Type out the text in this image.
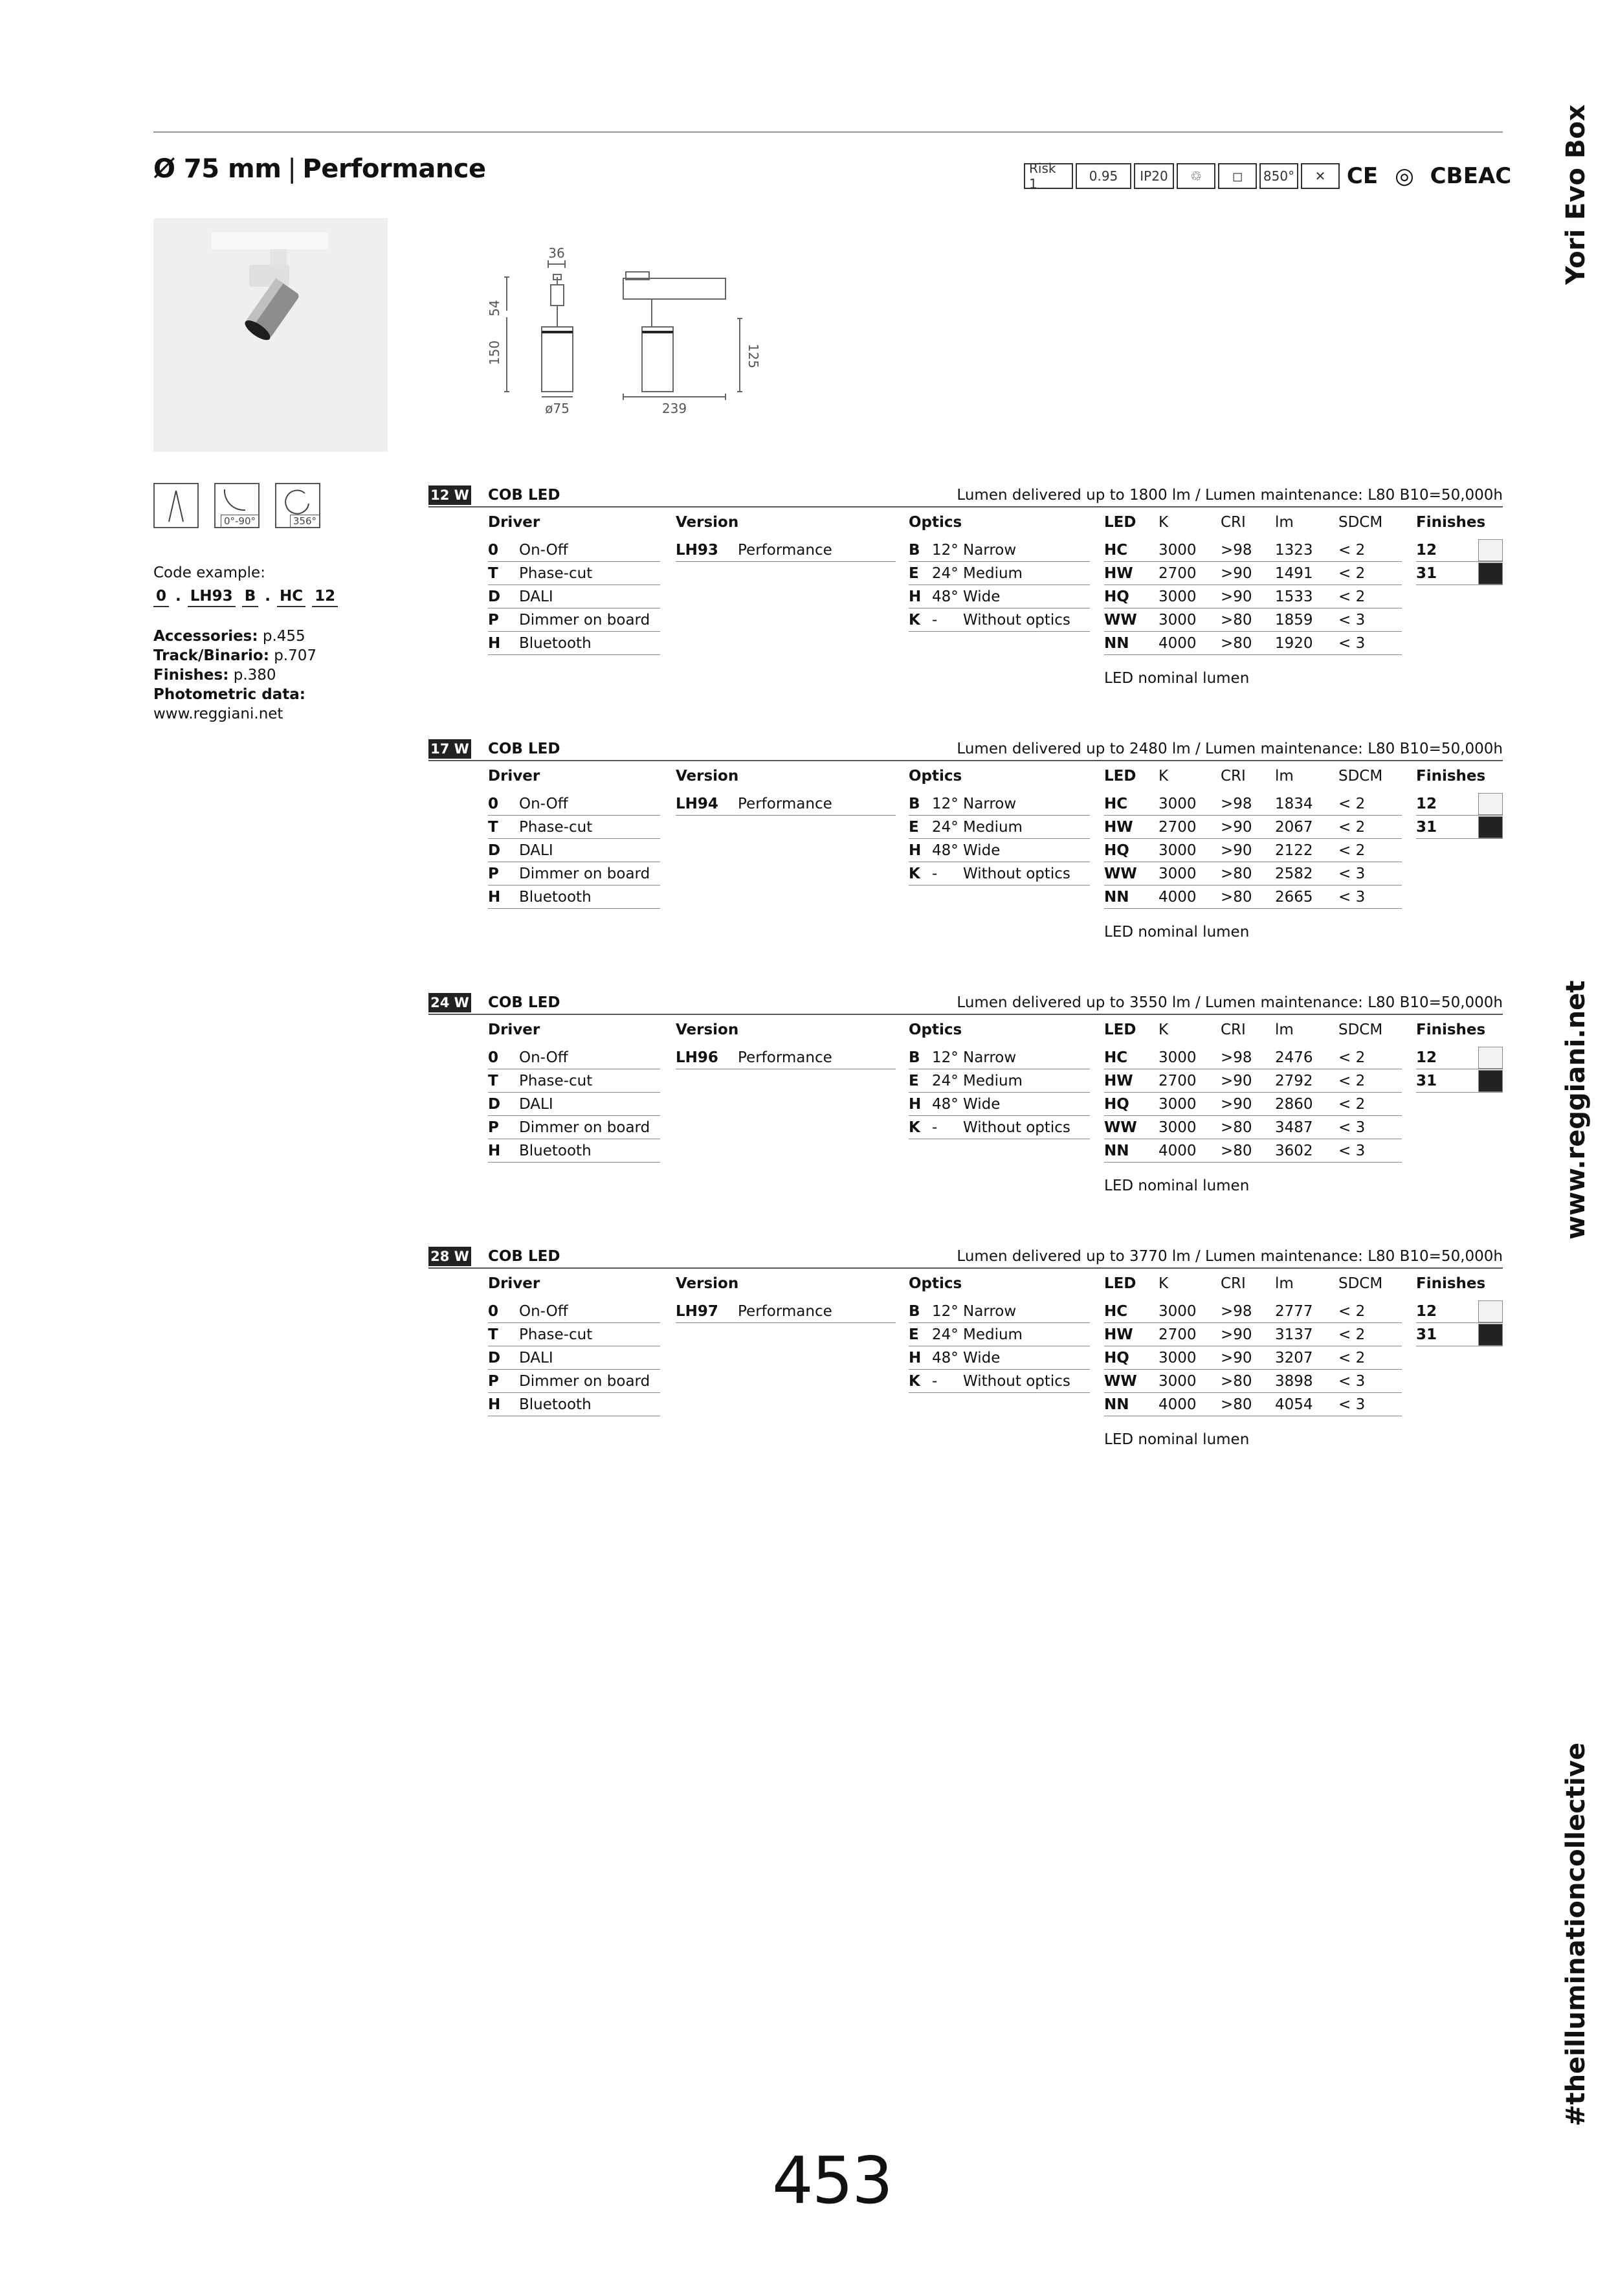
Ø 75 mm | Performance	Risk 1	0.95	IP20	♲	◻	850°	✕ CE ◎ CB EAC Yori Evo Box
www.reggiani.net
#theilluminationcollective
36
54
150	125
ø75	239
0°-90°	356°
Code example:
0 . LH93 B . HC 12
Accessories: p.455
Track/Binario: p.707
Finishes: p.380
Photometric data:
www.reggiani.net
12 W COB LED	Lumen delivered up to 1800 lm / Lumen maintenance: L80 B10=50,000h
Driver
0	On-Off
T	Phase-cut
D	DALI
P	Dimmer on board
H	Bluetooth
Version
LH93	Performance
Optics
B 12° Narrow
E 24° Medium
H 48° Wide
K -	Without optics
LED	K	CRI	lm	SDCM
HC	3000	>98	1323	< 2
HW	2700	>90	1491	< 2
HQ	3000	>90	1533	< 2
WW	3000	>80	1859	< 3
NN	4000	>80	1920	< 3
LED nominal lumen
Finishes
12
31
17 W COB LED	Lumen delivered up to 2480 lm / Lumen maintenance: L80 B10=50,000h
Driver
0	On-Off
T	Phase-cut
D	DALI
P	Dimmer on board
H	Bluetooth
Version
LH94	Performance
Optics
B 12° Narrow
E 24° Medium
H 48° Wide
K -	Without optics
LED	K	CRI	lm	SDCM
HC	3000	>98	1834	< 2
HW	2700	>90	2067	< 2
HQ	3000	>90	2122	< 2
WW	3000	>80	2582	< 3
NN	4000	>80	2665	< 3
LED nominal lumen
Finishes
12
31
24 W COB LED	Lumen delivered up to 3550 lm / Lumen maintenance: L80 B10=50,000h
Driver
0	On-Off
T	Phase-cut
D	DALI
P	Dimmer on board
H	Bluetooth
Version
LH96	Performance
Optics
B 12° Narrow
E 24° Medium
H 48° Wide
K -	Without optics
LED	K	CRI	lm	SDCM
HC	3000	>98	2476	< 2
HW	2700	>90	2792	< 2
HQ	3000	>90	2860	< 2
WW	3000	>80	3487	< 3
NN	4000	>80	3602	< 3
LED nominal lumen
Finishes
12
31
28 W COB LED	Lumen delivered up to 3770 lm / Lumen maintenance: L80 B10=50,000h
Driver
0	On-Off
T	Phase-cut
D	DALI
P	Dimmer on board
H	Bluetooth
Version
LH97	Performance
Optics
B 12° Narrow
E 24° Medium
H 48° Wide
K -	Without optics
LED	K	CRI	lm	SDCM
HC	3000	>98	2777	< 2
HW	2700	>90	3137	< 2
HQ	3000	>90	3207	< 2
WW	3000	>80	3898	< 3
NN	4000	>80	4054	< 3
LED nominal lumen
Finishes
12
31
453
